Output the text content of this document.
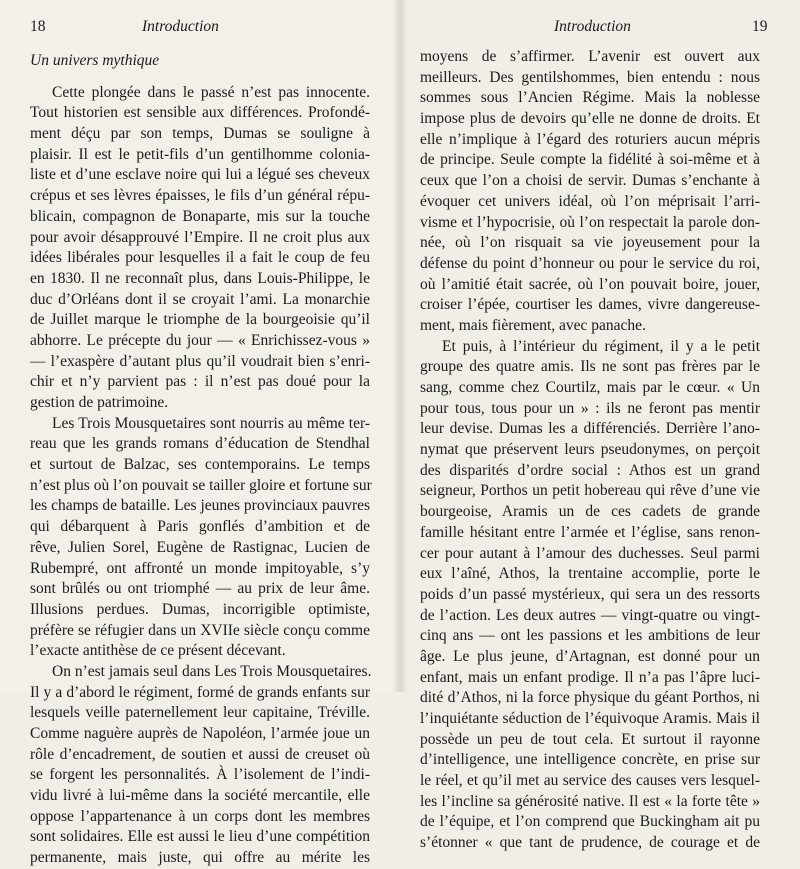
18	Introduction
Un univers mythique
Cette plongée dans le passé n’est pas innocente.
Tout historien est sensible aux différences. Profondé-
ment déçu par son temps, Dumas se souligne à
plaisir. Il est le petit-fils d’un gentilhomme colonia-
liste et d’une esclave noire qui lui a légué ses cheveux
crépus et ses lèvres épaisses, le fils d’un général répu-
blicain, compagnon de Bonaparte, mis sur la touche
pour avoir désapprouvé l’Empire. Il ne croit plus aux
idées libérales pour lesquelles il a fait le coup de feu
en 1830. Il ne reconnaît plus, dans Louis-Philippe, le
duc d’Orléans dont il se croyait l’ami. La monarchie
de Juillet marque le triomphe de la bourgeoisie qu’il
abhorre. Le précepte du jour — « Enrichissez-vous »
— l’exaspère d’autant plus qu’il voudrait bien s’enri-
chir et n’y parvient pas : il n’est pas doué pour la
gestion de patrimoine.
Les Trois Mousquetaires sont nourris au même ter-
reau que les grands romans d’éducation de Stendhal
et surtout de Balzac, ses contemporains. Le temps
n’est plus où l’on pouvait se tailler gloire et fortune sur
les champs de bataille. Les jeunes provinciaux pauvres
qui débarquent à Paris gonflés d’ambition et de
rêve, Julien Sorel, Eugène de Rastignac, Lucien de
Rubempré, ont affronté un monde impitoyable, s’y
sont brûlés ou ont triomphé — au prix de leur âme.
Illusions perdues. Dumas, incorrigible optimiste,
préfère se réfugier dans un XVIIe siècle conçu comme
l’exacte antithèse de ce présent décevant.
On n’est jamais seul dans Les Trois Mousquetaires.
Il y a d’abord le régiment, formé de grands enfants sur
lesquels veille paternellement leur capitaine, Tréville.
Comme naguère auprès de Napoléon, l’armée joue un
rôle d’encadrement, de soutien et aussi de creuset où
se forgent les personnalités. À l’isolement de l’indi-
vidu livré à lui-même dans la société mercantile, elle
oppose l’appartenance à un corps dont les membres
sont solidaires. Elle est aussi le lieu d’une compétition
permanente, mais juste, qui offre au mérite les
Introduction	19
moyens de s’affirmer. L’avenir est ouvert aux
meilleurs. Des gentilshommes, bien entendu : nous
sommes sous l’Ancien Régime. Mais la noblesse
impose plus de devoirs qu’elle ne donne de droits. Et
elle n’implique à l’égard des roturiers aucun mépris
de principe. Seule compte la fidélité à soi-même et à
ceux que l’on a choisi de servir. Dumas s’enchante à
évoquer cet univers idéal, où l’on méprisait l’arri-
visme et l’hypocrisie, où l’on respectait la parole don-
née, où l’on risquait sa vie joyeusement pour la
défense du point d’honneur ou pour le service du roi,
où l’amitié était sacrée, où l’on pouvait boire, jouer,
croiser l’épée, courtiser les dames, vivre dangereuse-
ment, mais fièrement, avec panache.
Et puis, à l’intérieur du régiment, il y a le petit
groupe des quatre amis. Ils ne sont pas frères par le
sang, comme chez Courtilz, mais par le cœur. « Un
pour tous, tous pour un » : ils ne feront pas mentir
leur devise. Dumas les a différenciés. Derrière l’ano-
nymat que préservent leurs pseudonymes, on perçoit
des disparités d’ordre social : Athos est un grand
seigneur, Porthos un petit hobereau qui rêve d’une vie
bourgeoise, Aramis un de ces cadets de grande
famille hésitant entre l’armée et l’église, sans renon-
cer pour autant à l’amour des duchesses. Seul parmi
eux l’aîné, Athos, la trentaine accomplie, porte le
poids d’un passé mystérieux, qui sera un des ressorts
de l’action. Les deux autres — vingt-quatre ou vingt-
cinq ans — ont les passions et les ambitions de leur
âge. Le plus jeune, d’Artagnan, est donné pour un
enfant, mais un enfant prodige. Il n’a pas l’âpre luci-
dité d’Athos, ni la force physique du géant Porthos, ni
l’inquiétante séduction de l’équivoque Aramis. Mais il
possède un peu de tout cela. Et surtout il rayonne
d’intelligence, une intelligence concrète, en prise sur
le réel, et qu’il met au service des causes vers lesquel-
les l’incline sa générosité native. Il est « la forte tête »
de l’équipe, et l’on comprend que Buckingham ait pu
s’étonner « que tant de prudence, de courage et de
